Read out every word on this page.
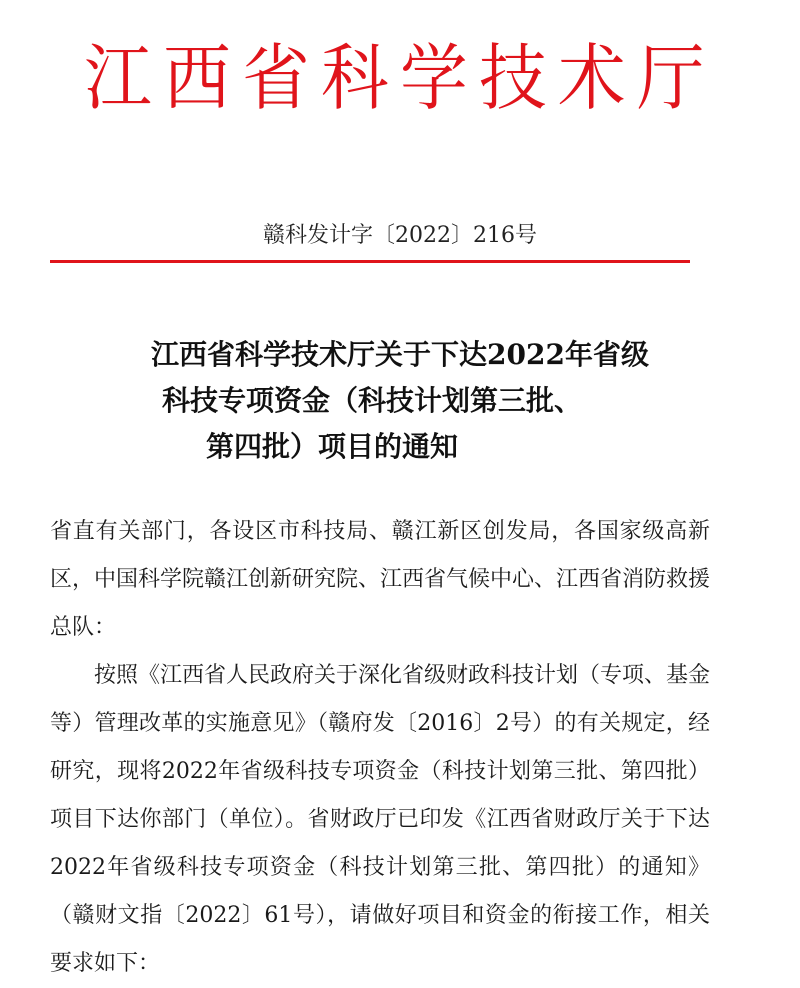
江西省科学技术厅
赣科发计字〔2022〕216号
江西省科学技术厅关于下达2022年省级
科技专项资金（科技计划第三批、
第四批）项目的通知

省直有关部门，各设区市科技局、赣江新区创发局，各国家级高新区，中国科学院赣江创新研究院、江西省气候中心、江西省消防救援总队：

按照《江西省人民政府关于深化省级财政科技计划（专项、基金等）管理改革的实施意见》（赣府发〔2016〕2号）的有关规定，经研究，现将2022年省级科技专项资金（科技计划第三批、第四批）项目下达你部门（单位）。省财政厅已印发《江西省财政厅关于下达2022年省级科技专项资金（科技计划第三批、第四批）的通知》（赣财文指〔2022〕61号），请做好项目和资金的衔接工作，相关要求如下：
